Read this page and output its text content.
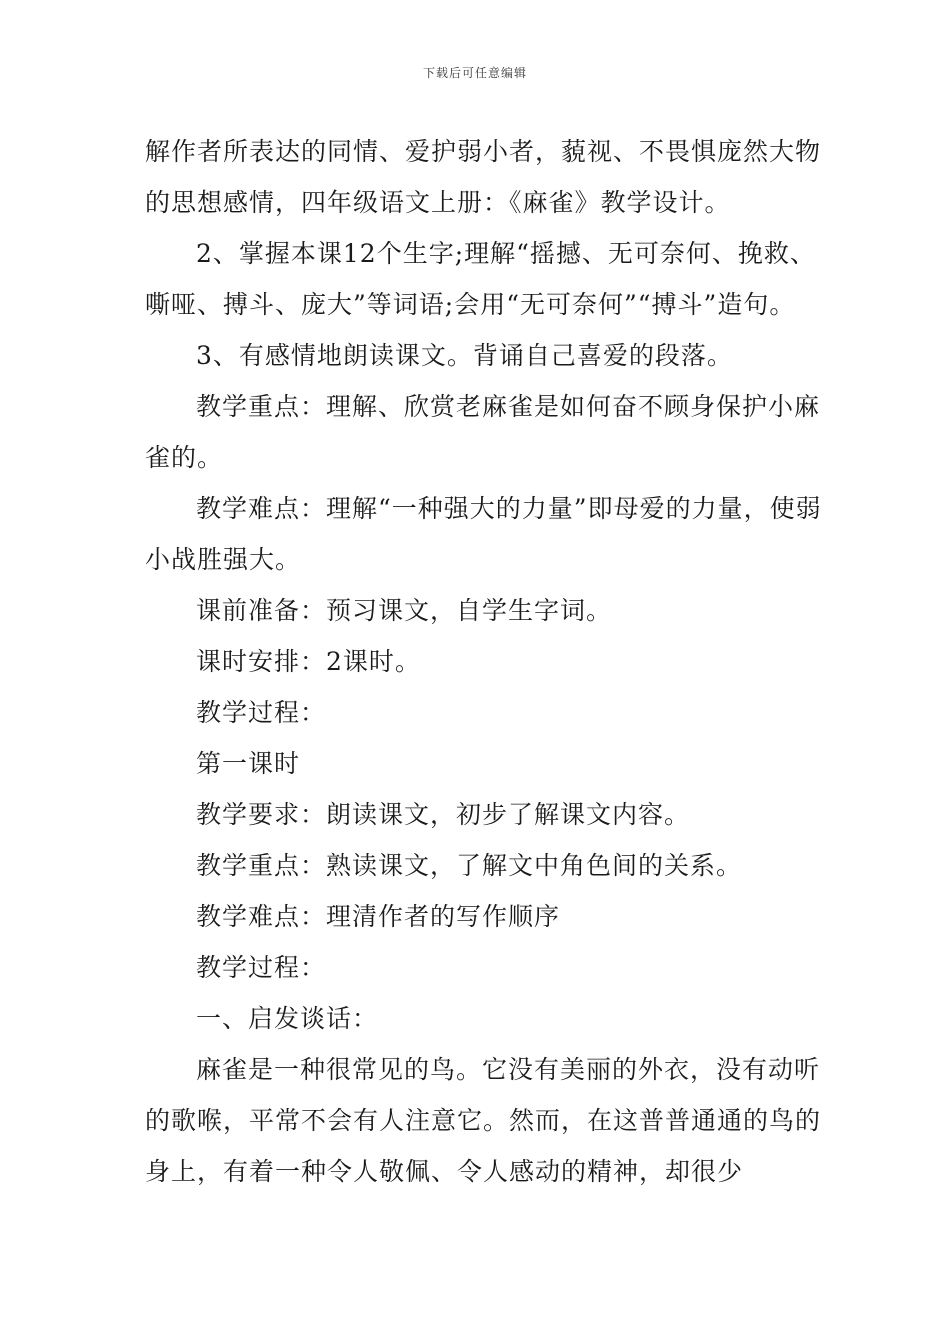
下载后可任意编辑

解作者所表达的同情、爱护弱小者，藐视、不畏惧庞然大物的思想感情，四年级语文上册：《麻雀》教学设计。

2、掌握本课12个生字;理解“摇撼、无可奈何、挽救、嘶哑、搏斗、庞大”等词语;会用“无可奈何”“搏斗”造句。

3、有感情地朗读课文。背诵自己喜爱的段落。

教学重点：理解、欣赏老麻雀是如何奋不顾身保护小麻雀的。

教学难点：理解“一种强大的力量”即母爱的力量，使弱小战胜强大。

课前准备：预习课文，自学生字词。

课时安排：2课时。

教学过程：

第一课时

教学要求：朗读课文，初步了解课文内容。

教学重点：熟读课文，了解文中角色间的关系。

教学难点：理清作者的写作顺序

教学过程：

一、启发谈话：

麻雀是一种很常见的鸟。它没有美丽的外衣，没有动听的歌喉，平常不会有人注意它。然而，在这普普通通的鸟的身上，有着一种令人敬佩、令人感动的精神，却很少
